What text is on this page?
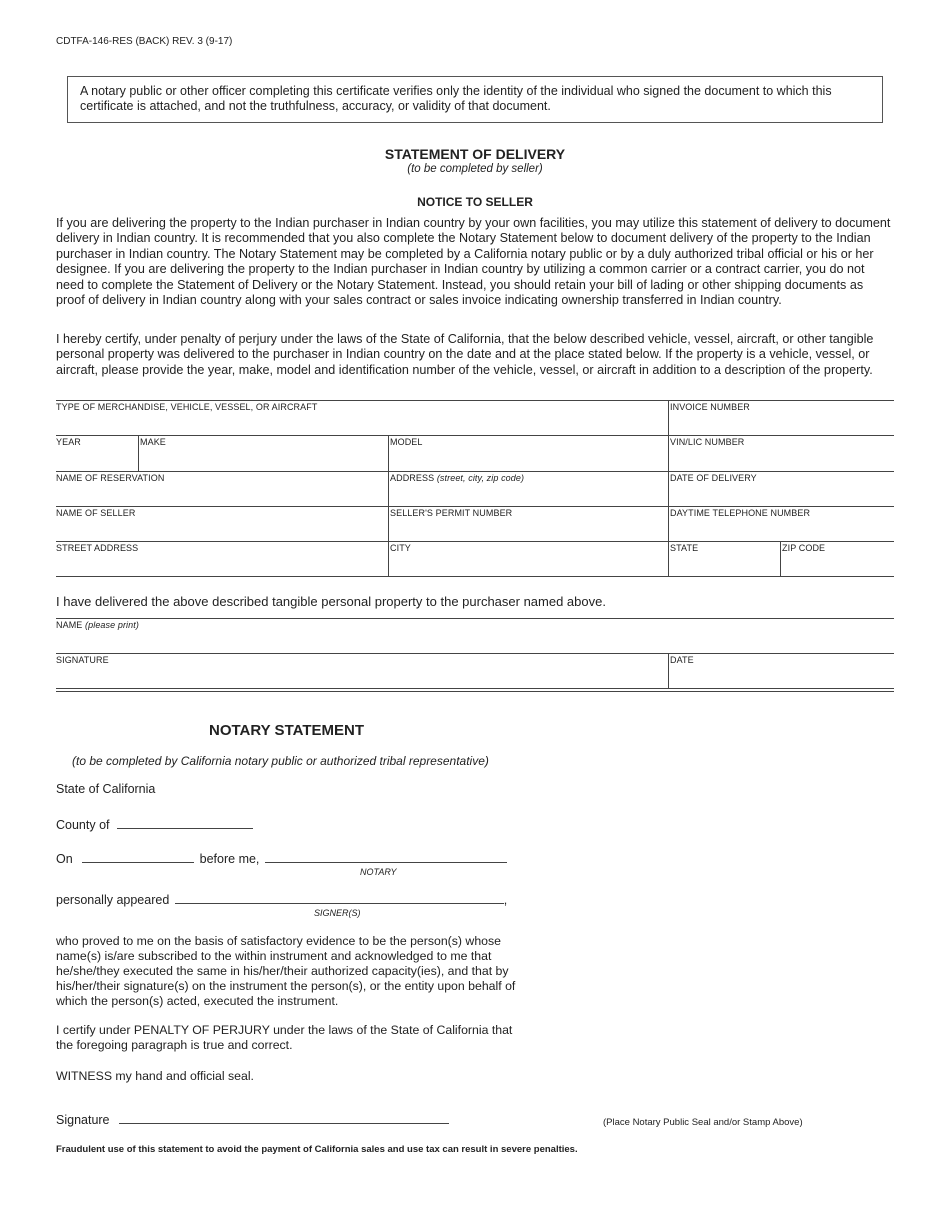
CDTFA-146-RES (BACK) REV. 3 (9-17)
A notary public or other officer completing this certificate verifies only the identity of the individual who signed the document to which this certificate is attached, and not the truthfulness, accuracy, or validity of that document.
STATEMENT OF DELIVERY
(to be completed by seller)
NOTICE TO SELLER
If you are delivering the property to the Indian purchaser in Indian country by your own facilities, you may utilize this statement of delivery to document delivery in Indian country. It is recommended that you also complete the Notary Statement below to document delivery of the property to the Indian purchaser in Indian country. The Notary Statement may be completed by a California notary public or by a duly authorized tribal official or his or her designee. If you are delivering the property to the Indian purchaser in Indian country by utilizing a common carrier or a contract carrier, you do not need to complete the Statement of Delivery or the Notary Statement. Instead, you should retain your bill of lading or other shipping documents as proof of delivery in Indian country along with your sales contract or sales invoice indicating ownership transferred in Indian country.
I hereby certify, under penalty of perjury under the laws of the State of California, that the below described vehicle, vessel, aircraft, or other tangible personal property was delivered to the purchaser in Indian country on the date and at the place stated below. If the property is a vehicle, vessel, or aircraft, please provide the year, make, model and identification number of the vehicle, vessel, or aircraft in addition to a description of the property.
TYPE OF MERCHANDISE, VEHICLE, VESSEL, OR AIRCRAFT	INVOICE NUMBER
YEAR	MAKE	MODEL	VIN/LIC NUMBER
NAME OF RESERVATION	ADDRESS (street, city, zip code)	DATE OF DELIVERY
NAME OF SELLER	SELLER'S PERMIT NUMBER	DAYTIME TELEPHONE NUMBER
STREET ADDRESS	CITY	STATE	ZIP CODE
I have delivered the above described tangible personal property to the purchaser named above.
NAME (please print)
SIGNATURE	DATE
NOTARY STATEMENT
(to be completed by California notary public or authorized tribal representative)
State of California
County of
On	before me,
NOTARY
personally appeared	,
SIGNER(S)
who proved to me on the basis of satisfactory evidence to be the person(s) whose name(s) is/are subscribed to the within instrument and acknowledged to me that he/she/they executed the same in his/her/their authorized capacity(ies), and that by his/her/their signature(s) on the instrument the person(s), or the entity upon behalf of which the person(s) acted, executed the instrument.
I certify under PENALTY OF PERJURY under the laws of the State of California that the foregoing paragraph is true and correct.
WITNESS my hand and official seal.
Signature	(Place Notary Public Seal and/or Stamp Above)
Fraudulent use of this statement to avoid the payment of California sales and use tax can result in severe penalties.
